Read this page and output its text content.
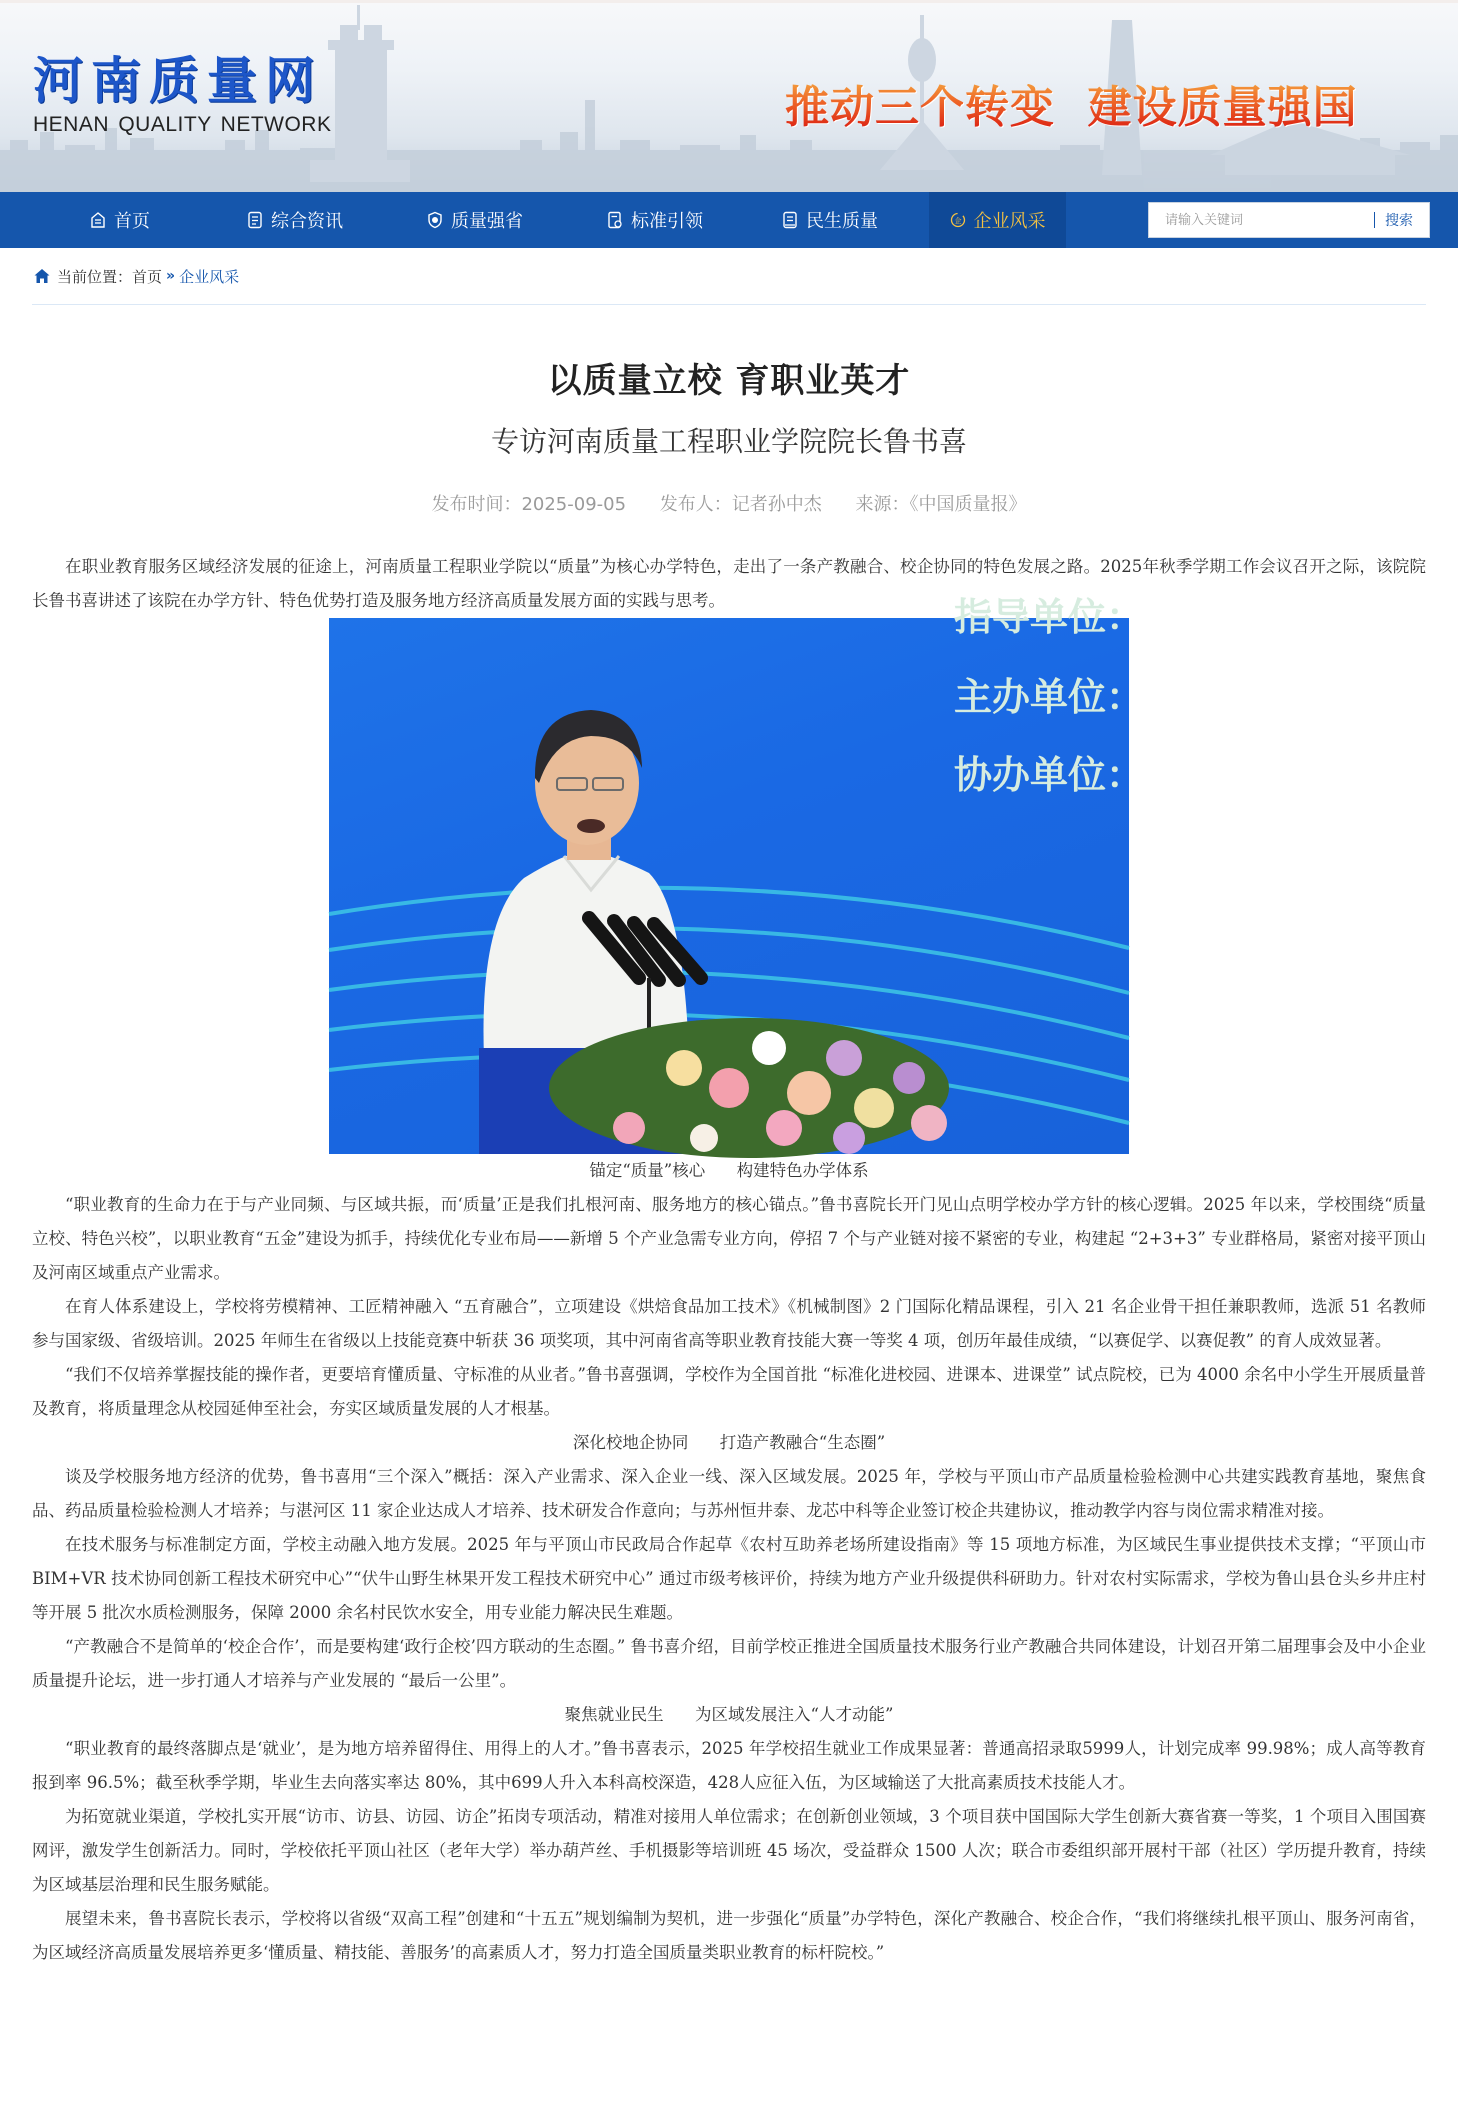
河南质量网
HENAN QUALITY NETWORK	推动三个转变  建设质量强国
首页	综合资讯	质量强省	标准引领	民生质量	企 企业风采
请输入关键词	搜索
当前位置： 首页 » 企业风采
以质量立校 育职业英才
专访河南质量工程职业学院院长鲁书喜
发布时间：2025-09-05 发布人：记者孙中杰 来源：《中国质量报》

在职业教育服务区域经济发展的征途上，河南质量工程职业学院以“质量”为核心办学特色，走出了一条产教融合、校企协同的特色发展之路。2025年秋季学期工作会议召开之际，该院院长鲁书喜讲述了该院在办学方针、特色优势打造及服务地方经济高质量发展方面的实践与思考。	指导单位：
主办单位：
协办单位：

锚定“质量”核心      构建特色办学体系

“职业教育的生命力在于与产业同频、与区域共振，而‘质量’正是我们扎根河南、服务地方的核心锚点。”鲁书喜院长开门见山点明学校办学方针的核心逻辑。2025 年以来，学校围绕“质量立校、特色兴校”，以职业教育“五金”建设为抓手，持续优化专业布局——新增 5 个产业急需专业方向，停招 7 个与产业链对接不紧密的专业，构建起 “2+3+3” 专业群格局，紧密对接平顶山及河南区域重点产业需求。

在育人体系建设上，学校将劳模精神、工匠精神融入 “五育融合”，立项建设《烘焙食品加工技术》《机械制图》2 门国际化精品课程，引入 21 名企业骨干担任兼职教师，选派 51 名教师参与国家级、省级培训。2025 年师生在省级以上技能竞赛中斩获 36 项奖项，其中河南省高等职业教育技能大赛一等奖 4 项，创历年最佳成绩，“以赛促学、以赛促教” 的育人成效显著。

“我们不仅培养掌握技能的操作者，更要培育懂质量、守标准的从业者。”鲁书喜强调，学校作为全国首批 “标准化进校园、进课本、进课堂” 试点院校，已为 4000 余名中小学生开展质量普及教育，将质量理念从校园延伸至社会，夯实区域质量发展的人才根基。

深化校地企协同      打造产教融合“生态圈”

谈及学校服务地方经济的优势，鲁书喜用“三个深入”概括：深入产业需求、深入企业一线、深入区域发展。2025 年，学校与平顶山市产品质量检验检测中心共建实践教育基地，聚焦食品、药品质量检验检测人才培养；与湛河区 11 家企业达成人才培养、技术研发合作意向；与苏州恒井泰、龙芯中科等企业签订校企共建协议，推动教学内容与岗位需求精准对接。

在技术服务与标准制定方面，学校主动融入地方发展。2025 年与平顶山市民政局合作起草《农村互助养老场所建设指南》等 15 项地方标准，为区域民生事业提供技术支撑；“平顶山市 BIM+VR 技术协同创新工程技术研究中心”“伏牛山野生林果开发工程技术研究中心” 通过市级考核评价，持续为地方产业升级提供科研助力。针对农村实际需求，学校为鲁山县仓头乡井庄村等开展 5 批次水质检测服务，保障 2000 余名村民饮水安全，用专业能力解决民生难题。

“产教融合不是简单的‘校企合作’，而是要构建‘政行企校’四方联动的生态圈。” 鲁书喜介绍，目前学校正推进全国质量技术服务行业产教融合共同体建设，计划召开第二届理事会及中小企业质量提升论坛，进一步打通人才培养与产业发展的 “最后一公里”。

聚焦就业民生      为区域发展注入“人才动能”

“职业教育的最终落脚点是‘就业’，是为地方培养留得住、用得上的人才。”鲁书喜表示，2025 年学校招生就业工作成果显著：普通高招录取5999人，计划完成率 99.98%；成人高等教育报到率 96.5%；截至秋季学期，毕业生去向落实率达 80%，其中699人升入本科高校深造，428人应征入伍，为区域输送了大批高素质技术技能人才。

为拓宽就业渠道，学校扎实开展“访市、访县、访园、访企”拓岗专项活动，精准对接用人单位需求；在创新创业领域，3 个项目获中国国际大学生创新大赛省赛一等奖，1 个项目入围国赛网评，激发学生创新活力。同时，学校依托平顶山社区（老年大学）举办葫芦丝、手机摄影等培训班 45 场次，受益群众 1500 人次；联合市委组织部开展村干部（社区）学历提升教育，持续为区域基层治理和民生服务赋能。

展望未来，鲁书喜院长表示，学校将以省级“双高工程”创建和“十五五”规划编制为契机，进一步强化“质量”办学特色，深化产教融合、校企合作，“我们将继续扎根平顶山、服务河南省，为区域经济高质量发展培养更多‘懂质量、精技能、善服务’的高素质人才，努力打造全国质量类职业教育的标杆院校。”
